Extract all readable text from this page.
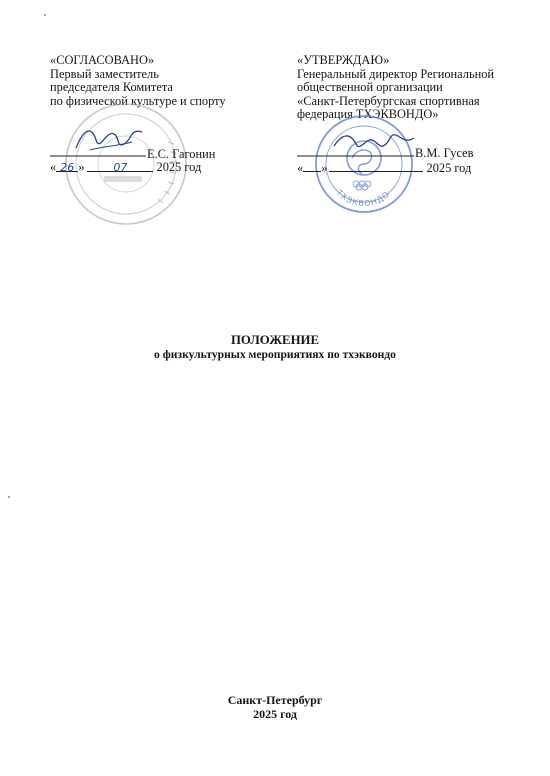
«СОГЛАСОВАНО»
Первый заместитель
председателя Комитета
по физической культуре и спорту
Е.С. Гагонин
« 26 »	07 2025 год
«УТВЕРЖДАЮ»
Генеральный директор Региональной
общественной организации
«Санкт-Петербургская спортивная
федерация ТХЭКВОНДО»
ТХЭКВОНДО
В.М. Гусев
« »	2025 год
ПОЛОЖЕНИЕ
о физкультурных мероприятиях по тхэквондо
Санкт-Петербург
2025 год
